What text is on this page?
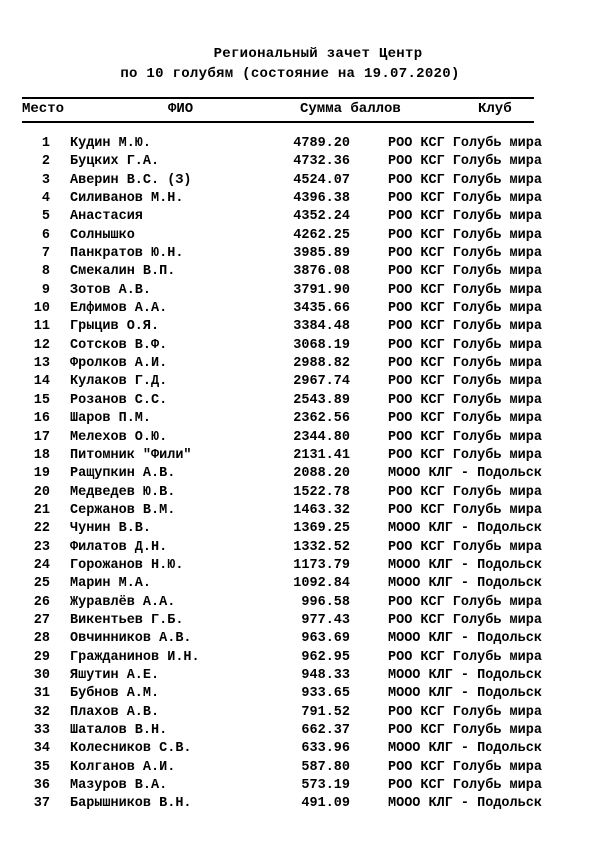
Региональный зачет Центр
по 10 голубям (состояние на 19.07.2020)
Место	ФИО	Сумма баллов	Клуб
1 Кудин М.Ю.	4789.20	РОО КСГ Голубь мира
2 Буцких Г.А.	4732.36	РОО КСГ Голубь мира
3 Аверин В.С. (З)	4524.07	РОО КСГ Голубь мира
4 Силиванов М.Н.	4396.38	РОО КСГ Голубь мира
5 Анастасия	4352.24	РОО КСГ Голубь мира
6 Солнышко	4262.25	РОО КСГ Голубь мира
7 Панкратов Ю.Н.	3985.89	РОО КСГ Голубь мира
8 Смекалин В.П.	3876.08	РОО КСГ Голубь мира
9 Зотов А.В.	3791.90	РОО КСГ Голубь мира
10 Елфимов А.А.	3435.66	РОО КСГ Голубь мира
11 Грыцив О.Я.	3384.48	РОО КСГ Голубь мира
12 Сотсков В.Ф.	3068.19	РОО КСГ Голубь мира
13 Фролков А.И.	2988.82	РОО КСГ Голубь мира
14 Кулаков Г.Д.	2967.74	РОО КСГ Голубь мира
15 Розанов С.С.	2543.89	РОО КСГ Голубь мира
16 Шаров П.М.	2362.56	РОО КСГ Голубь мира
17 Мелехов О.Ю.	2344.80	РОО КСГ Голубь мира
18 Питомник "Фили"	2131.41	РОО КСГ Голубь мира
19 Ращупкин А.В.	2088.20	МООО КЛГ - Подольск
20 Медведев Ю.В.	1522.78	РОО КСГ Голубь мира
21 Сержанов В.М.	1463.32	РОО КСГ Голубь мира
22 Чунин В.В.	1369.25	МООО КЛГ - Подольск
23 Филатов Д.Н.	1332.52	РОО КСГ Голубь мира
24 Горожанов Н.Ю.	1173.79	МООО КЛГ - Подольск
25 Марин М.А.	1092.84	МООО КЛГ - Подольск
26 Журавлёв А.А.	996.58	РОО КСГ Голубь мира
27 Викентьев Г.Б.	977.43	РОО КСГ Голубь мира
28 Овчинников А.В.	963.69	МООО КЛГ - Подольск
29 Гражданинов И.Н.	962.95	РОО КСГ Голубь мира
30 Яшутин А.Е.	948.33	МООО КЛГ - Подольск
31 Бубнов А.М.	933.65	МООО КЛГ - Подольск
32 Плахов А.В.	791.52	РОО КСГ Голубь мира
33 Шаталов В.Н.	662.37	РОО КСГ Голубь мира
34 Колесников С.В.	633.96	МООО КЛГ - Подольск
35 Колганов А.И.	587.80	РОО КСГ Голубь мира
36 Мазуров В.А.	573.19	РОО КСГ Голубь мира
37 Барышников В.Н.	491.09	МООО КЛГ - Подольск
